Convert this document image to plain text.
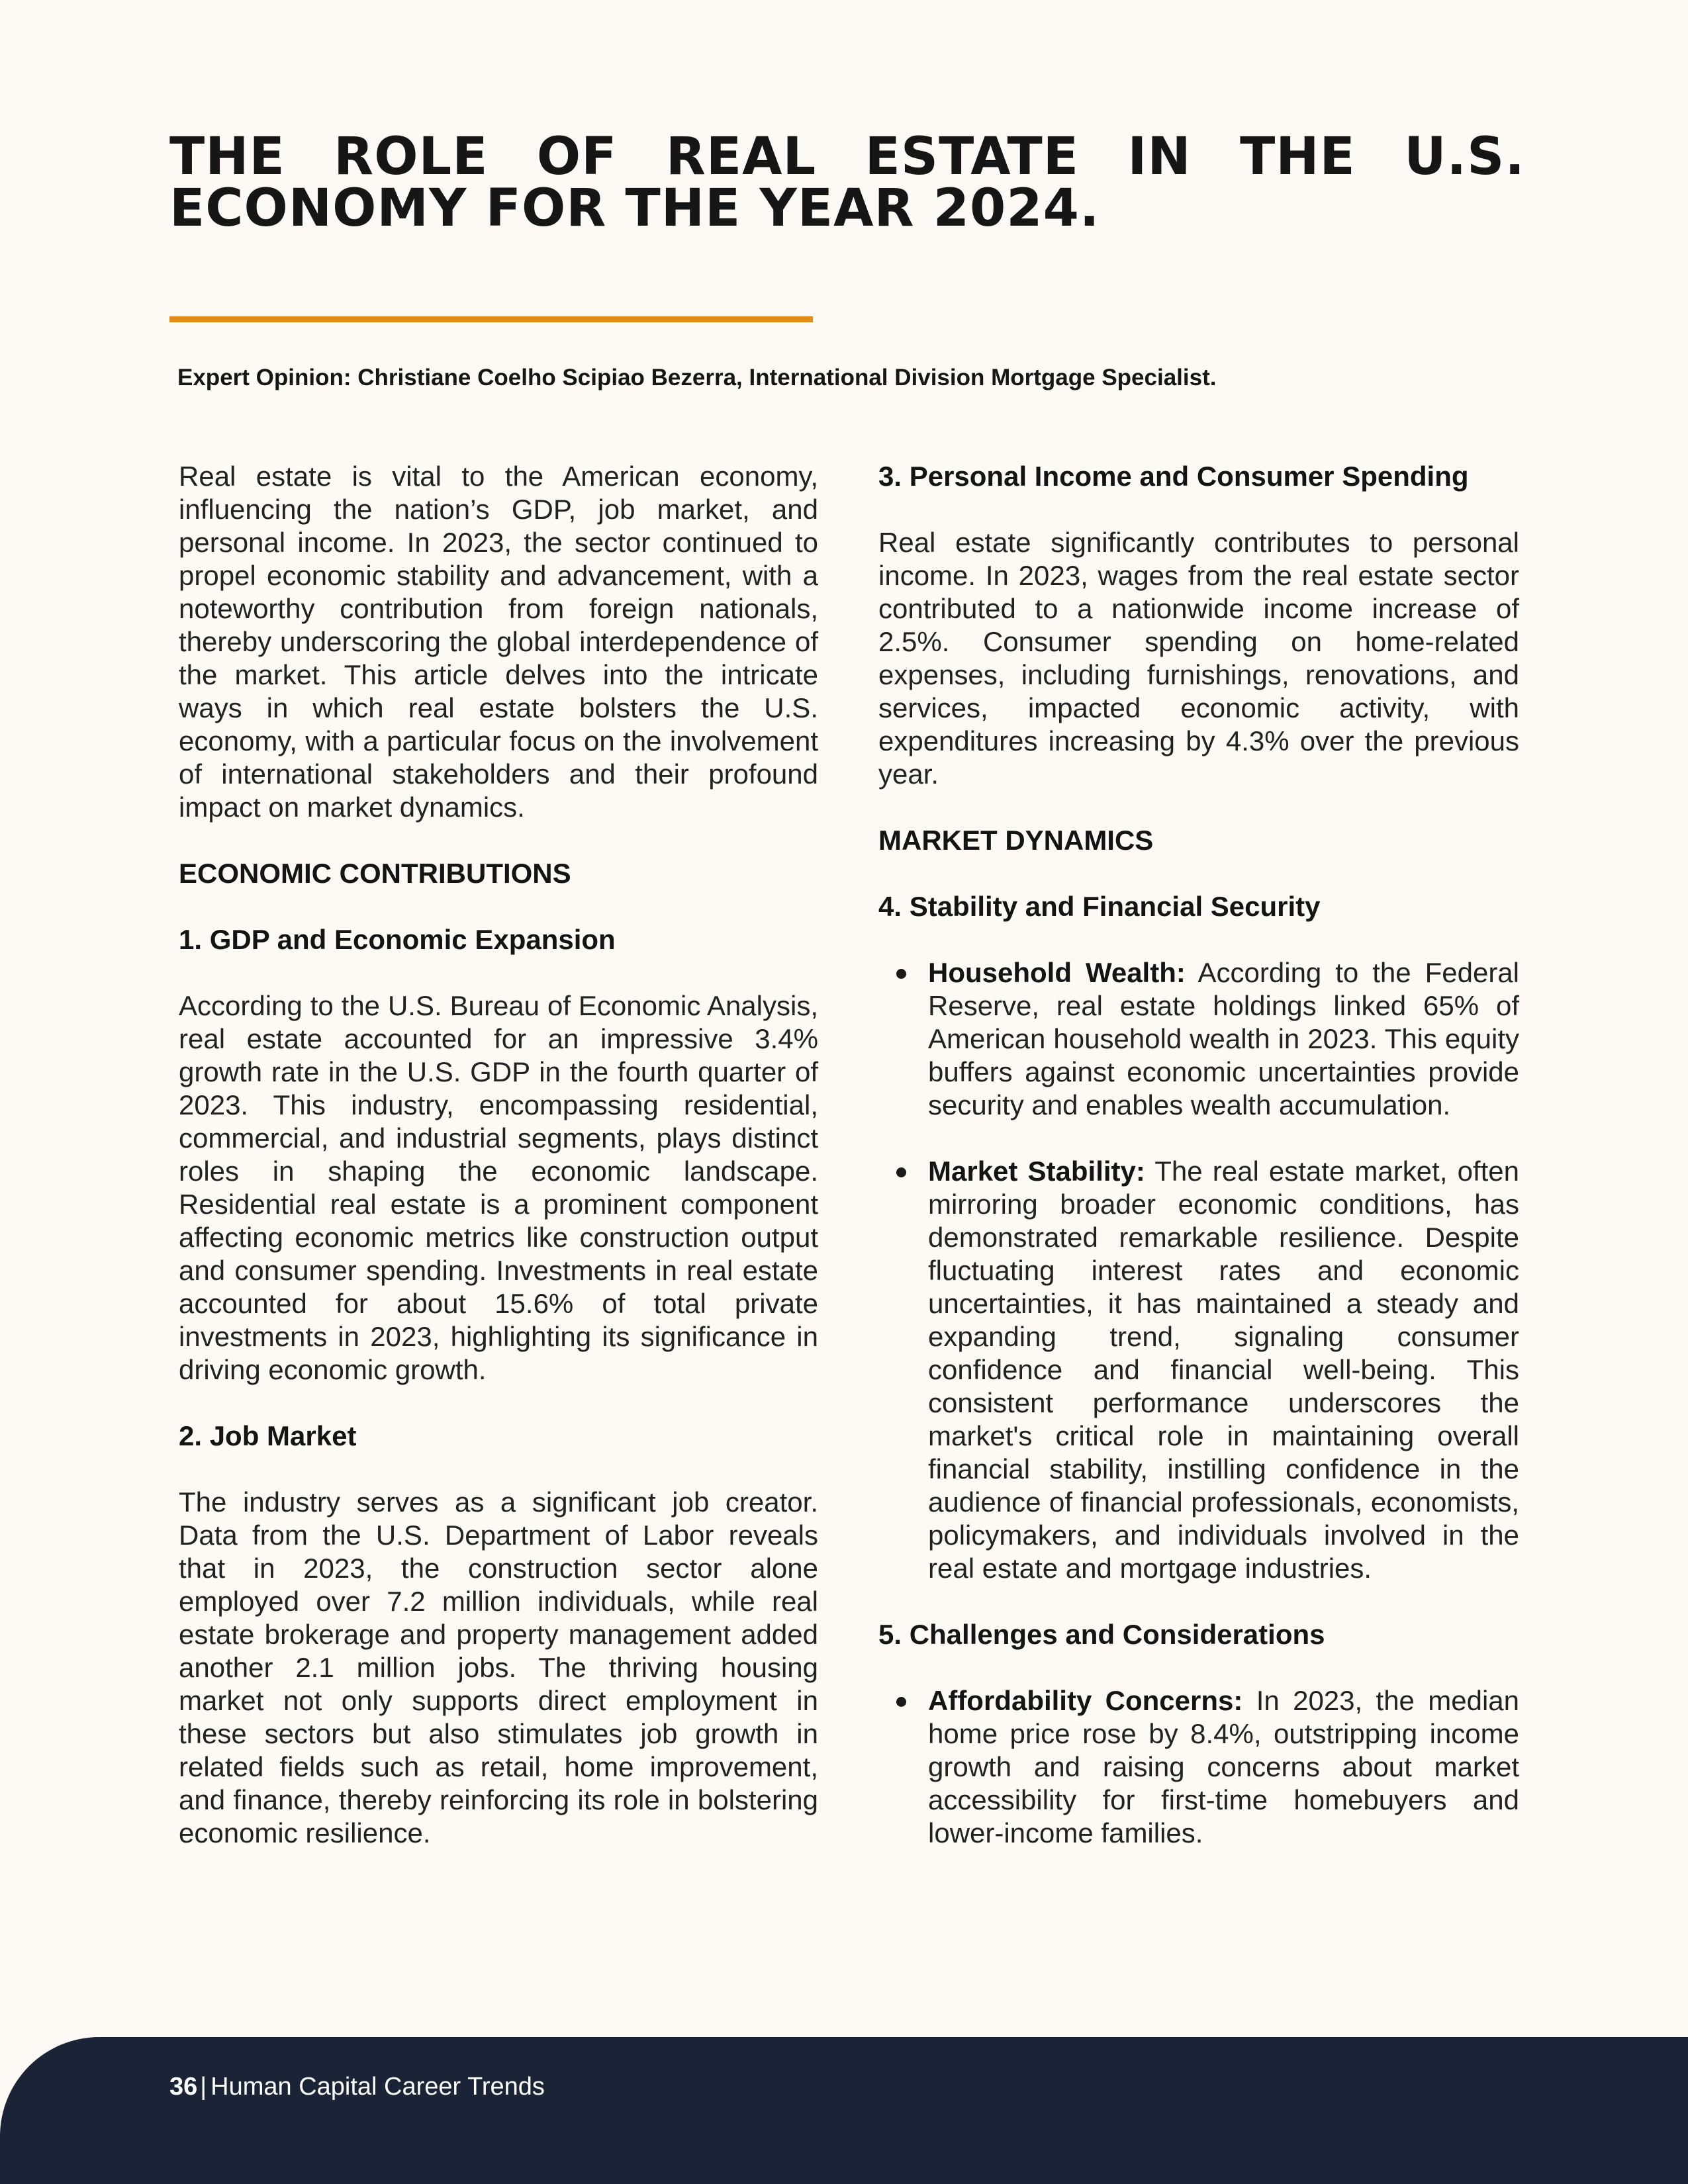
THE ROLE OF REAL ESTATE IN THE U.S.
ECONOMY FOR THE YEAR 2024.

Expert Opinion: Christiane Coelho Scipiao Bezerra, International Division Mortgage Specialist.

Real estate is vital to the American economy, influencing the nation’s GDP, job market, and personal income. In 2023, the sector continued to propel economic stability and advancement, with a noteworthy contribution from foreign nationals, thereby underscoring the global interdependence of the market. This article delves into the intricate ways in which real estate bolsters the U.S. economy, with a particular focus on the involvement of international stakeholders and their profound impact on market dynamics.

ECONOMIC CONTRIBUTIONS
1. GDP and Economic Expansion

According to the U.S. Bureau of Economic Analysis, real estate accounted for an impressive 3.4% growth rate in the U.S. GDP in the fourth quarter of 2023. This industry, encompassing residential, commercial, and industrial segments, plays distinct roles in shaping the economic landscape. Residential real estate is a prominent component affecting economic metrics like construction output and consumer spending. Investments in real estate accounted for about 15.6% of total private investments in 2023, highlighting its significance in driving economic growth.

2. Job Market

The industry serves as a significant job creator. Data from the U.S. Department of Labor reveals that in 2023, the construction sector alone employed over 7.2 million individuals, while real estate brokerage and property management added another 2.1 million jobs. The thriving housing market not only supports direct employment in these sectors but also stimulates job growth in related fields such as retail, home improvement, and finance, thereby reinforcing its role in bolstering economic resilience.

3. Personal Income and Consumer Spending

Real estate significantly contributes to personal income. In 2023, wages from the real estate sector contributed to a nationwide income increase of 2.5%. Consumer spending on home-related expenses, including furnishings, renovations, and services, impacted economic activity, with expenditures increasing by 4.3% over the previous year.

MARKET DYNAMICS
4. Stability and Financial Security
Household Wealth: According to the Federal Reserve, real estate holdings linked 65% of American household wealth in 2023. This equity buffers against economic uncertainties provide security and enables wealth accumulation.
Market Stability: The real estate market, often mirroring broader economic conditions, has demonstrated remarkable resilience. Despite fluctuating interest rates and economic uncertainties, it has maintained a steady and expanding trend, signaling consumer confidence and financial well-being. This consistent performance underscores the market's critical role in maintaining overall financial stability, instilling confidence in the audience of financial professionals, economists, policymakers, and individuals involved in the real estate and mortgage industries.
5. Challenges and Considerations
Affordability Concerns: In 2023, the median home price rose by 8.4%, outstripping income growth and raising concerns about market accessibility for first-time homebuyers and lower-income families.
36 | Human Capital Career Trends
